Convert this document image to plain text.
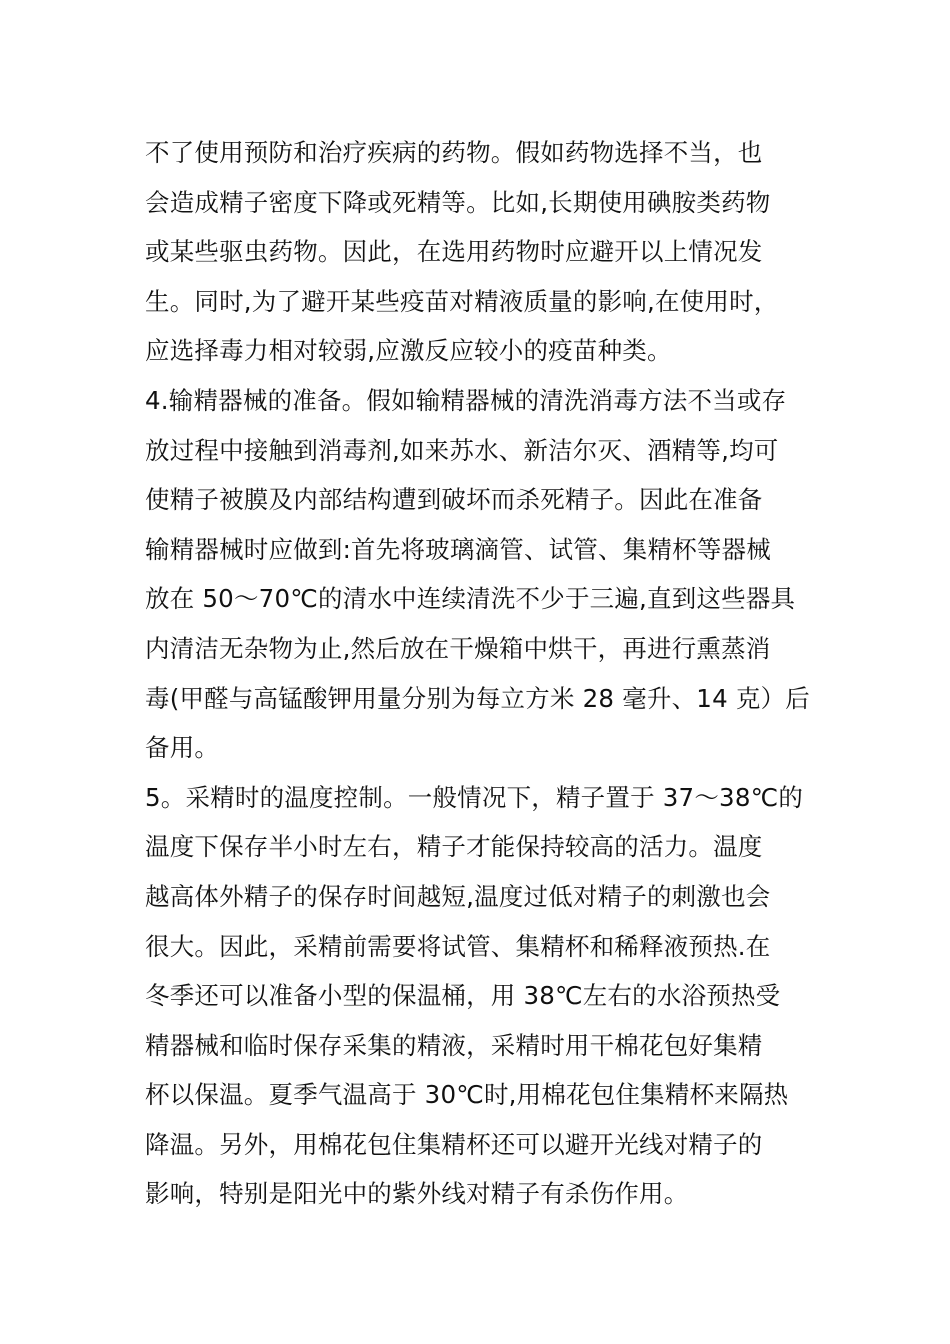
不了使用预防和治疗疾病的药物。假如药物选择不当，也
会造成精子密度下降或死精等。比如,长期使用碘胺类药物
或某些驱虫药物。因此，在选用药物时应避开以上情况发
生。同时,为了避开某些疫苗对精液质量的影响,在使用时，
应选择毒力相对较弱,应激反应较小的疫苗种类。
4.输精器械的准备。假如输精器械的清洗消毒方法不当或存
放过程中接触到消毒剂,如来苏水、新洁尔灭、酒精等,均可
使精子被膜及内部结构遭到破坏而杀死精子。因此在准备
输精器械时应做到:首先将玻璃滴管、试管、集精杯等器械
放在 50～70℃的清水中连续清洗不少于三遍,直到这些器具
内清洁无杂物为止,然后放在干燥箱中烘干，再进行熏蒸消
毒(甲醛与高锰酸钾用量分别为每立方米 28 毫升、14 克）后
备用。
5。采精时的温度控制。一般情况下，精子置于 37～38℃的
温度下保存半小时左右，精子才能保持较高的活力。温度
越高体外精子的保存时间越短,温度过低对精子的刺激也会
很大。因此，采精前需要将试管、集精杯和稀释液预热.在
冬季还可以准备小型的保温桶，用 38℃左右的水浴预热受
精器械和临时保存采集的精液，采精时用干棉花包好集精
杯以保温。夏季气温高于 30℃时,用棉花包住集精杯来隔热
降温。另外，用棉花包住集精杯还可以避开光线对精子的
影响，特别是阳光中的紫外线对精子有杀伤作用。
